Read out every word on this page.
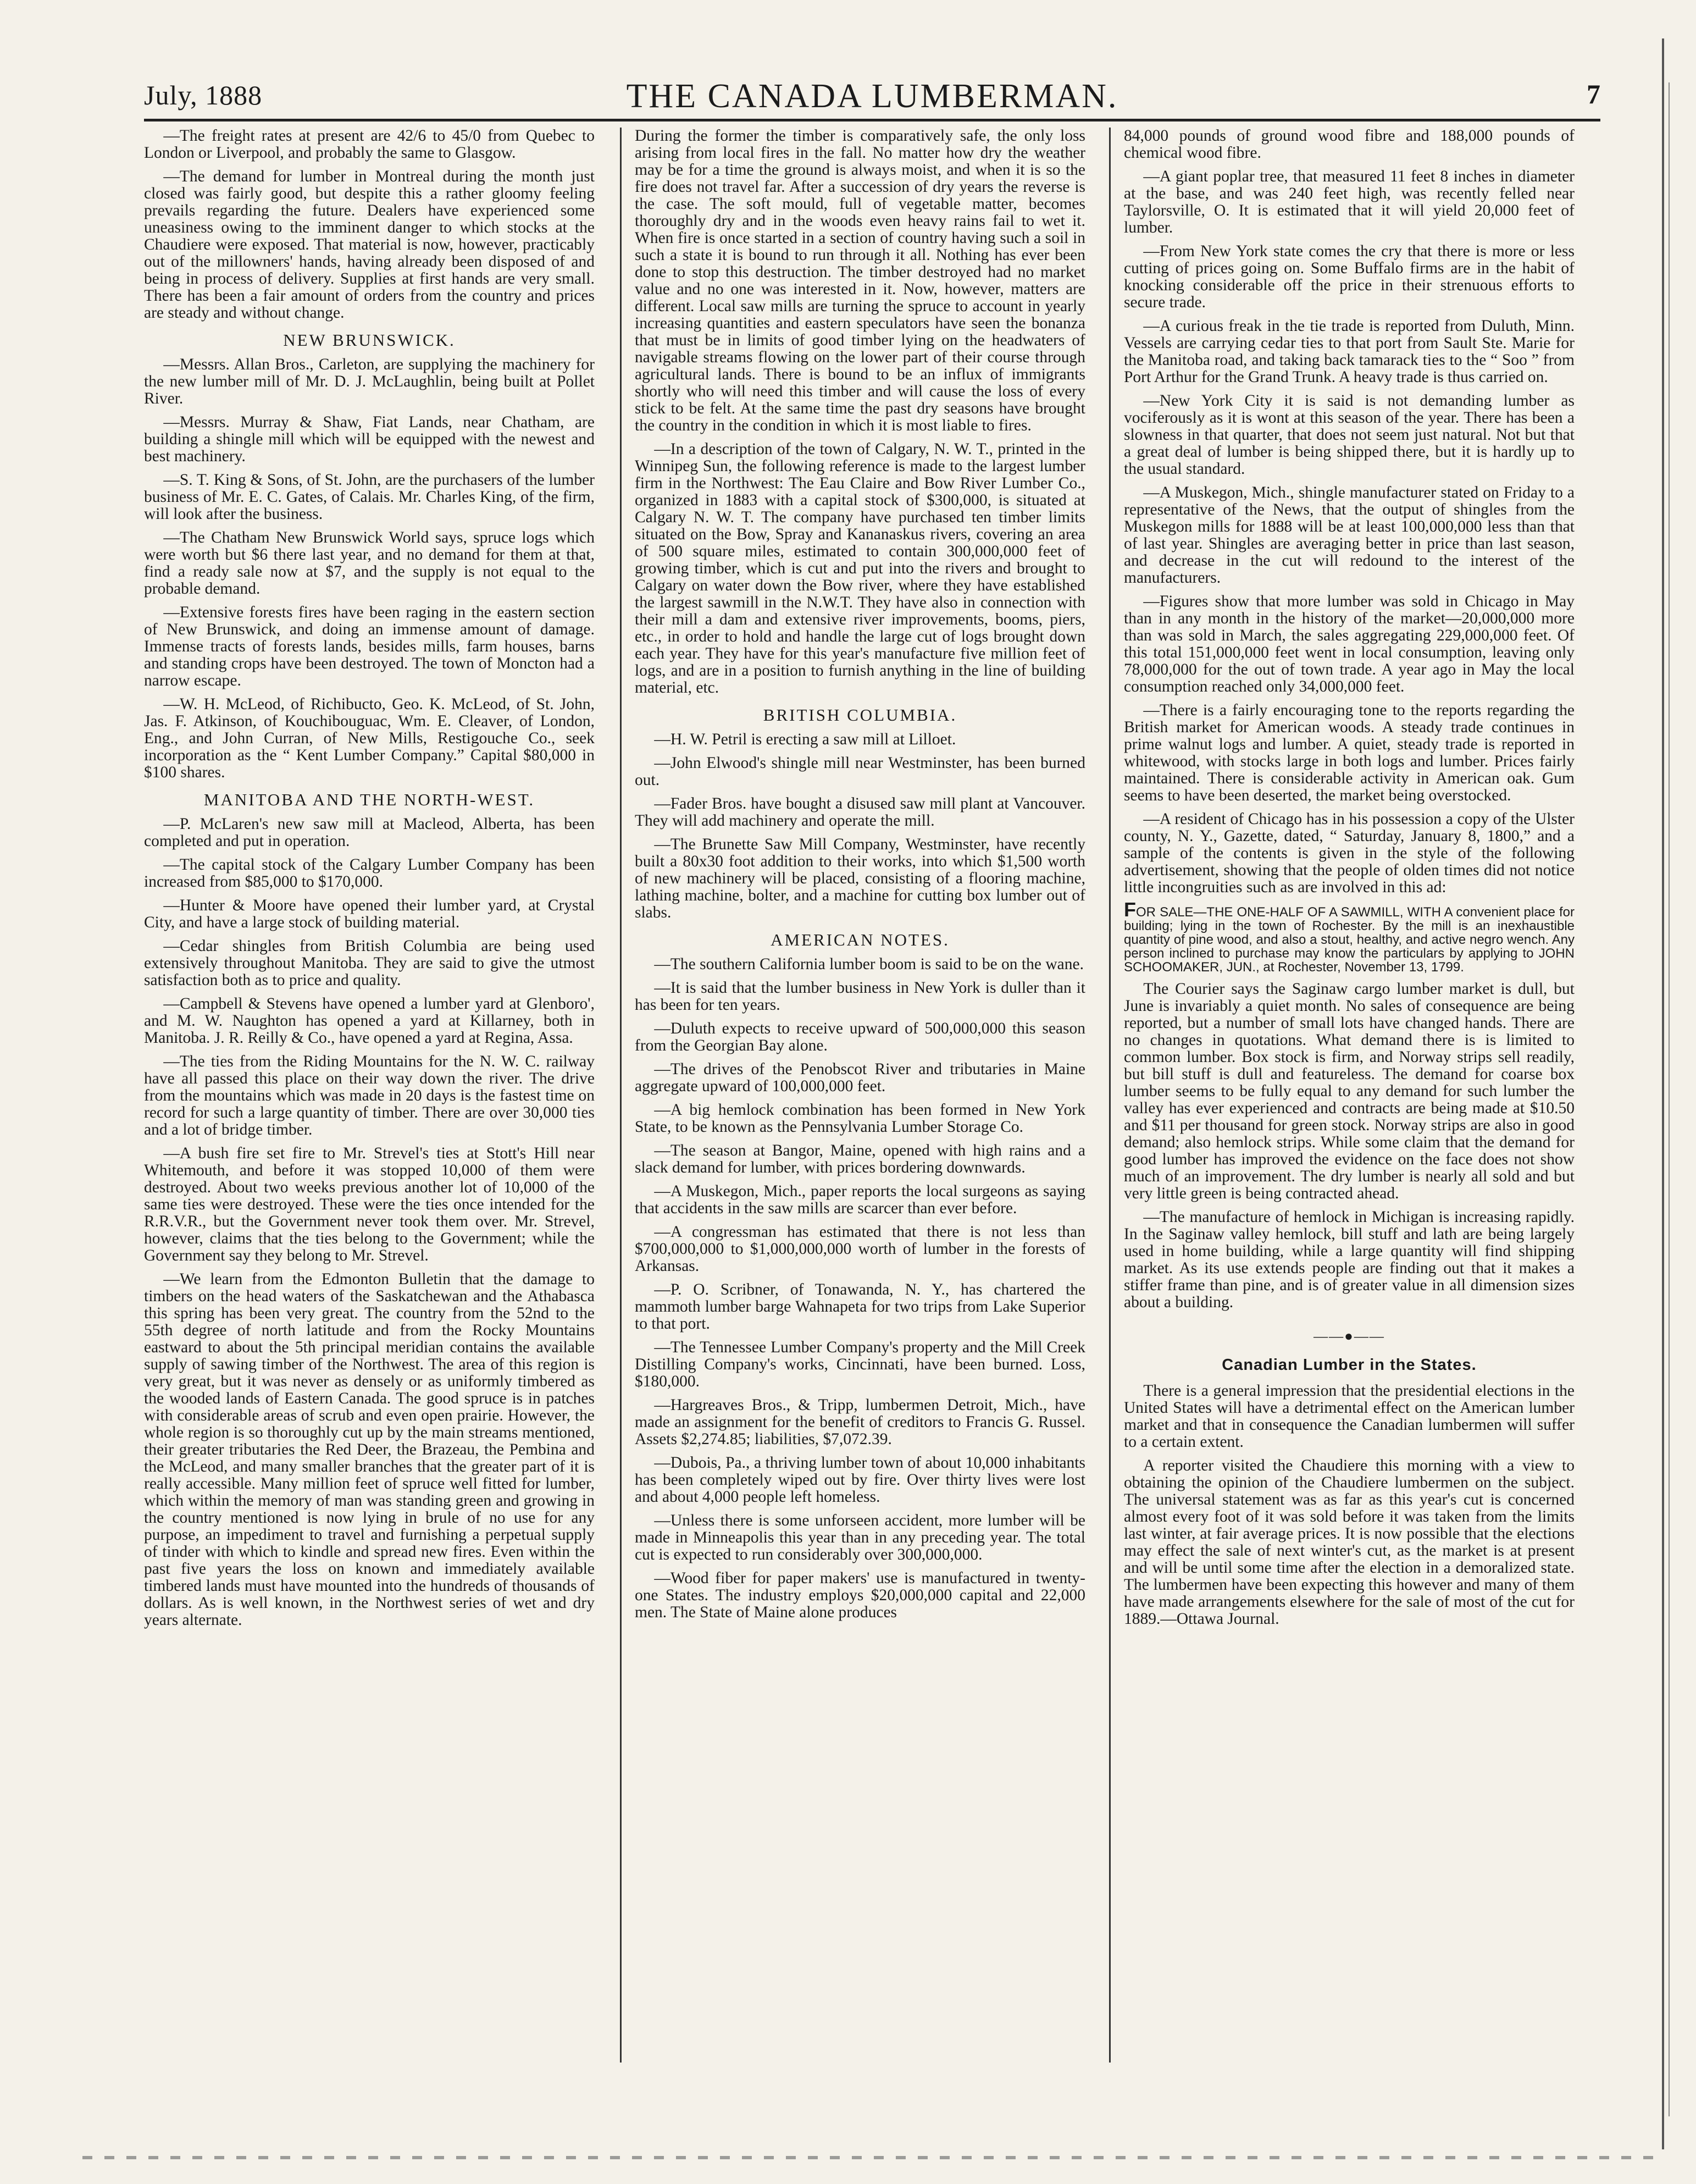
July, 1888	THE CANADA LUMBERMAN.	7

—The freight rates at present are 42/6 to 45/0 from Quebec to London or Liverpool, and probably the same to Glasgow.

—The demand for lumber in Montreal during the month just closed was fairly good, but despite this a rather gloomy feeling prevails regarding the future. Dealers have experienced some uneasiness owing to the imminent danger to which stocks at the Chaudiere were exposed. That material is now, however, practicably out of the millowners' hands, having already been disposed of and being in process of delivery. Supplies at first hands are very small. There has been a fair amount of orders from the country and prices are steady and without change.

NEW BRUNSWICK.

—Messrs. Allan Bros., Carleton, are supplying the machinery for the new lumber mill of Mr. D. J. McLaughlin, being built at Pollet River.

—Messrs. Murray & Shaw, Fiat Lands, near Chatham, are building a shingle mill which will be equipped with the newest and best machinery.

—S. T. King & Sons, of St. John, are the purchasers of the lumber business of Mr. E. C. Gates, of Calais. Mr. Charles King, of the firm, will look after the business.

—The Chatham New Brunswick World says, spruce logs which were worth but $6 there last year, and no demand for them at that, find a ready sale now at $7, and the supply is not equal to the probable demand.

—Extensive forests fires have been raging in the eastern section of New Brunswick, and doing an immense amount of damage. Immense tracts of forests lands, besides mills, farm houses, barns and standing crops have been destroyed. The town of Moncton had a narrow escape.

—W. H. McLeod, of Richibucto, Geo. K. McLeod, of St. John, Jas. F. Atkinson, of Kouchibouguac, Wm. E. Cleaver, of London, Eng., and John Curran, of New Mills, Restigouche Co., seek incorporation as the “ Kent Lumber Company.” Capital $80,000 in $100 shares.

MANITOBA AND THE NORTH-WEST.

—P. McLaren's new saw mill at Macleod, Alberta, has been completed and put in operation.

—The capital stock of the Calgary Lumber Company has been increased from $85,000 to $170,000.

—Hunter & Moore have opened their lumber yard, at Crystal City, and have a large stock of building material.

—Cedar shingles from British Columbia are being used extensively throughout Manitoba. They are said to give the utmost satisfaction both as to price and quality.

—Campbell & Stevens have opened a lumber yard at Glenboro', and M. W. Naughton has opened a yard at Killarney, both in Manitoba. J. R. Reilly & Co., have opened a yard at Regina, Assa.

—The ties from the Riding Mountains for the N. W. C. railway have all passed this place on their way down the river. The drive from the mountains which was made in 20 days is the fastest time on record for such a large quantity of timber. There are over 30,000 ties and a lot of bridge timber.

—A bush fire set fire to Mr. Strevel's ties at Stott's Hill near Whitemouth, and before it was stopped 10,000 of them were destroyed. About two weeks previous another lot of 10,000 of the same ties were destroyed. These were the ties once intended for the R.R.V.R., but the Government never took them over. Mr. Strevel, however, claims that the ties belong to the Government; while the Government say they belong to Mr. Strevel.

—We learn from the Edmonton Bulletin that the damage to timbers on the head waters of the Saskatchewan and the Athabasca this spring has been very great. The country from the 52nd to the 55th degree of north latitude and from the Rocky Mountains eastward to about the 5th principal meridian contains the available supply of sawing timber of the Northwest. The area of this region is very great, but it was never as densely or as uniformly timbered as the wooded lands of Eastern Canada. The good spruce is in patches with considerable areas of scrub and even open prairie. However, the whole region is so thoroughly cut up by the main streams mentioned, their greater tributaries the Red Deer, the Brazeau, the Pembina and the McLeod, and many smaller branches that the greater part of it is really accessible. Many million feet of spruce well fitted for lumber, which within the memory of man was standing green and growing in the country mentioned is now lying in brule of no use for any purpose, an impediment to travel and furnishing a perpetual supply of tinder with which to kindle and spread new fires. Even within the past five years the loss on known and immediately available timbered lands must have mounted into the hundreds of thousands of dollars. As is well known, in the Northwest series of wet and dry years alternate.

During the former the timber is comparatively safe, the only loss arising from local fires in the fall. No matter how dry the weather may be for a time the ground is always moist, and when it is so the fire does not travel far. After a succession of dry years the reverse is the case. The soft mould, full of vegetable matter, becomes thoroughly dry and in the woods even heavy rains fail to wet it. When fire is once started in a section of country having such a soil in such a state it is bound to run through it all. Nothing has ever been done to stop this destruction. The timber destroyed had no market value and no one was interested in it. Now, however, matters are different. Local saw mills are turning the spruce to account in yearly increasing quantities and eastern speculators have seen the bonanza that must be in limits of good timber lying on the headwaters of navigable streams flowing on the lower part of their course through agricultural lands. There is bound to be an influx of immigrants shortly who will need this timber and will cause the loss of every stick to be felt. At the same time the past dry seasons have brought the country in the condition in which it is most liable to fires.

—In a description of the town of Calgary, N. W. T., printed in the Winnipeg Sun, the following reference is made to the largest lumber firm in the Northwest: The Eau Claire and Bow River Lumber Co., organized in 1883 with a capital stock of $300,000, is situated at Calgary N. W. T. The company have purchased ten timber limits situated on the Bow, Spray and Kananaskus rivers, covering an area of 500 square miles, estimated to contain 300,000,000 feet of growing timber, which is cut and put into the rivers and brought to Calgary on water down the Bow river, where they have established the largest sawmill in the N.W.T. They have also in connection with their mill a dam and extensive river improvements, booms, piers, etc., in order to hold and handle the large cut of logs brought down each year. They have for this year's manufacture five million feet of logs, and are in a position to furnish anything in the line of building material, etc.

BRITISH COLUMBIA.

—H. W. Petril is erecting a saw mill at Lilloet.

—John Elwood's shingle mill near Westminster, has been burned out.

—Fader Bros. have bought a disused saw mill plant at Vancouver. They will add machinery and operate the mill.

—The Brunette Saw Mill Company, Westminster, have recently built a 80x30 foot addition to their works, into which $1,500 worth of new machinery will be placed, consisting of a flooring machine, lathing machine, bolter, and a machine for cutting box lumber out of slabs.

AMERICAN NOTES.

—The southern California lumber boom is said to be on the wane.

—It is said that the lumber business in New York is duller than it has been for ten years.

—Duluth expects to receive upward of 500,000,000 this season from the Georgian Bay alone.

—The drives of the Penobscot River and tributaries in Maine aggregate upward of 100,000,000 feet.

—A big hemlock combination has been formed in New York State, to be known as the Pennsylvania Lumber Storage Co.

—The season at Bangor, Maine, opened with high rains and a slack demand for lumber, with prices bordering downwards.

—A Muskegon, Mich., paper reports the local surgeons as saying that accidents in the saw mills are scarcer than ever before.

—A congressman has estimated that there is not less than $700,000,000 to $1,000,000,000 worth of lumber in the forests of Arkansas.

—P. O. Scribner, of Tonawanda, N. Y., has chartered the mammoth lumber barge Wahnapeta for two trips from Lake Superior to that port.

—The Tennessee Lumber Company's property and the Mill Creek Distilling Company's works, Cincinnati, have been burned. Loss, $180,000.

—Hargreaves Bros., & Tripp, lumbermen Detroit, Mich., have made an assignment for the benefit of creditors to Francis G. Russel. Assets $2,274.85; liabilities, $7,072.39.

—Dubois, Pa., a thriving lumber town of about 10,000 inhabitants has been completely wiped out by fire. Over thirty lives were lost and about 4,000 people left homeless.

—Unless there is some unforseen accident, more lumber will be made in Minneapolis this year than in any preceding year. The total cut is expected to run considerably over 300,000,000.

—Wood fiber for paper makers' use is manufactured in twenty-one States. The industry employs $20,000,000 capital and 22,000 men. The State of Maine alone produces

84,000 pounds of ground wood fibre and 188,000 pounds of chemical wood fibre.

—A giant poplar tree, that measured 11 feet 8 inches in diameter at the base, and was 240 feet high, was recently felled near Taylorsville, O. It is estimated that it will yield 20,000 feet of lumber.

—From New York state comes the cry that there is more or less cutting of prices going on. Some Buffalo firms are in the habit of knocking considerable off the price in their strenuous efforts to secure trade.

—A curious freak in the tie trade is reported from Duluth, Minn. Vessels are carrying cedar ties to that port from Sault Ste. Marie for the Manitoba road, and taking back tamarack ties to the “ Soo ” from Port Arthur for the Grand Trunk. A heavy trade is thus carried on.

—New York City it is said is not demanding lumber as vociferously as it is wont at this season of the year. There has been a slowness in that quarter, that does not seem just natural. Not but that a great deal of lumber is being shipped there, but it is hardly up to the usual standard.

—A Muskegon, Mich., shingle manufacturer stated on Friday to a representative of the News, that the output of shingles from the Muskegon mills for 1888 will be at least 100,000,000 less than that of last year. Shingles are averaging better in price than last season, and decrease in the cut will redound to the interest of the manufacturers.

—Figures show that more lumber was sold in Chicago in May than in any month in the history of the market—20,000,000 more than was sold in March, the sales aggregating 229,000,000 feet. Of this total 151,000,000 feet went in local consumption, leaving only 78,000,000 for the out of town trade. A year ago in May the local consumption reached only 34,000,000 feet.

—There is a fairly encouraging tone to the reports regarding the British market for American woods. A steady trade continues in prime walnut logs and lumber. A quiet, steady trade is reported in whitewood, with stocks large in both logs and lumber. Prices fairly maintained. There is considerable activity in American oak. Gum seems to have been deserted, the market being overstocked.

—A resident of Chicago has in his possession a copy of the Ulster county, N. Y., Gazette, dated, “ Saturday, January 8, 1800,” and a sample of the contents is given in the style of the following advertisement, showing that the people of olden times did not notice little incongruities such as are involved in this ad:

FOR SALE—THE ONE-HALF OF A SAWMILL, WITH A convenient place for building; lying in the town of Rochester. By the mill is an inexhaustible quantity of pine wood, and also a stout, healthy, and active negro wench. Any person inclined to purchase may know the particulars by applying to JOHN SCHOOMAKER, JUN., at Rochester, November 13, 1799.

The Courier says the Saginaw cargo lumber market is dull, but June is invariably a quiet month. No sales of consequence are being reported, but a number of small lots have changed hands. There are no changes in quotations. What demand there is is limited to common lumber. Box stock is firm, and Norway strips sell readily, but bill stuff is dull and featureless. The demand for coarse box lumber seems to be fully equal to any demand for such lumber the valley has ever experienced and contracts are being made at $10.50 and $11 per thousand for green stock. Norway strips are also in good demand; also hemlock strips. While some claim that the demand for good lumber has improved the evidence on the face does not show much of an improvement. The dry lumber is nearly all sold and but very little green is being contracted ahead.

—The manufacture of hemlock in Michigan is increasing rapidly. In the Saginaw valley hemlock, bill stuff and lath are being largely used in home building, while a large quantity will find shipping market. As its use extends people are finding out that it makes a stiffer frame than pine, and is of greater value in all dimension sizes about a building.

——●——
Canadian Lumber in the States.

There is a general impression that the presidential elections in the United States will have a detrimental effect on the American lumber market and that in consequence the Canadian lumbermen will suffer to a certain extent.

A reporter visited the Chaudiere this morning with a view to obtaining the opinion of the Chaudiere lumbermen on the subject. The universal statement was as far as this year's cut is concerned almost every foot of it was sold before it was taken from the limits last winter, at fair average prices. It is now possible that the elections may effect the sale of next winter's cut, as the market is at present and will be until some time after the election in a demoralized state. The lumbermen have been expecting this however and many of them have made arrangements elsewhere for the sale of most of the cut for 1889.—Ottawa Journal.
